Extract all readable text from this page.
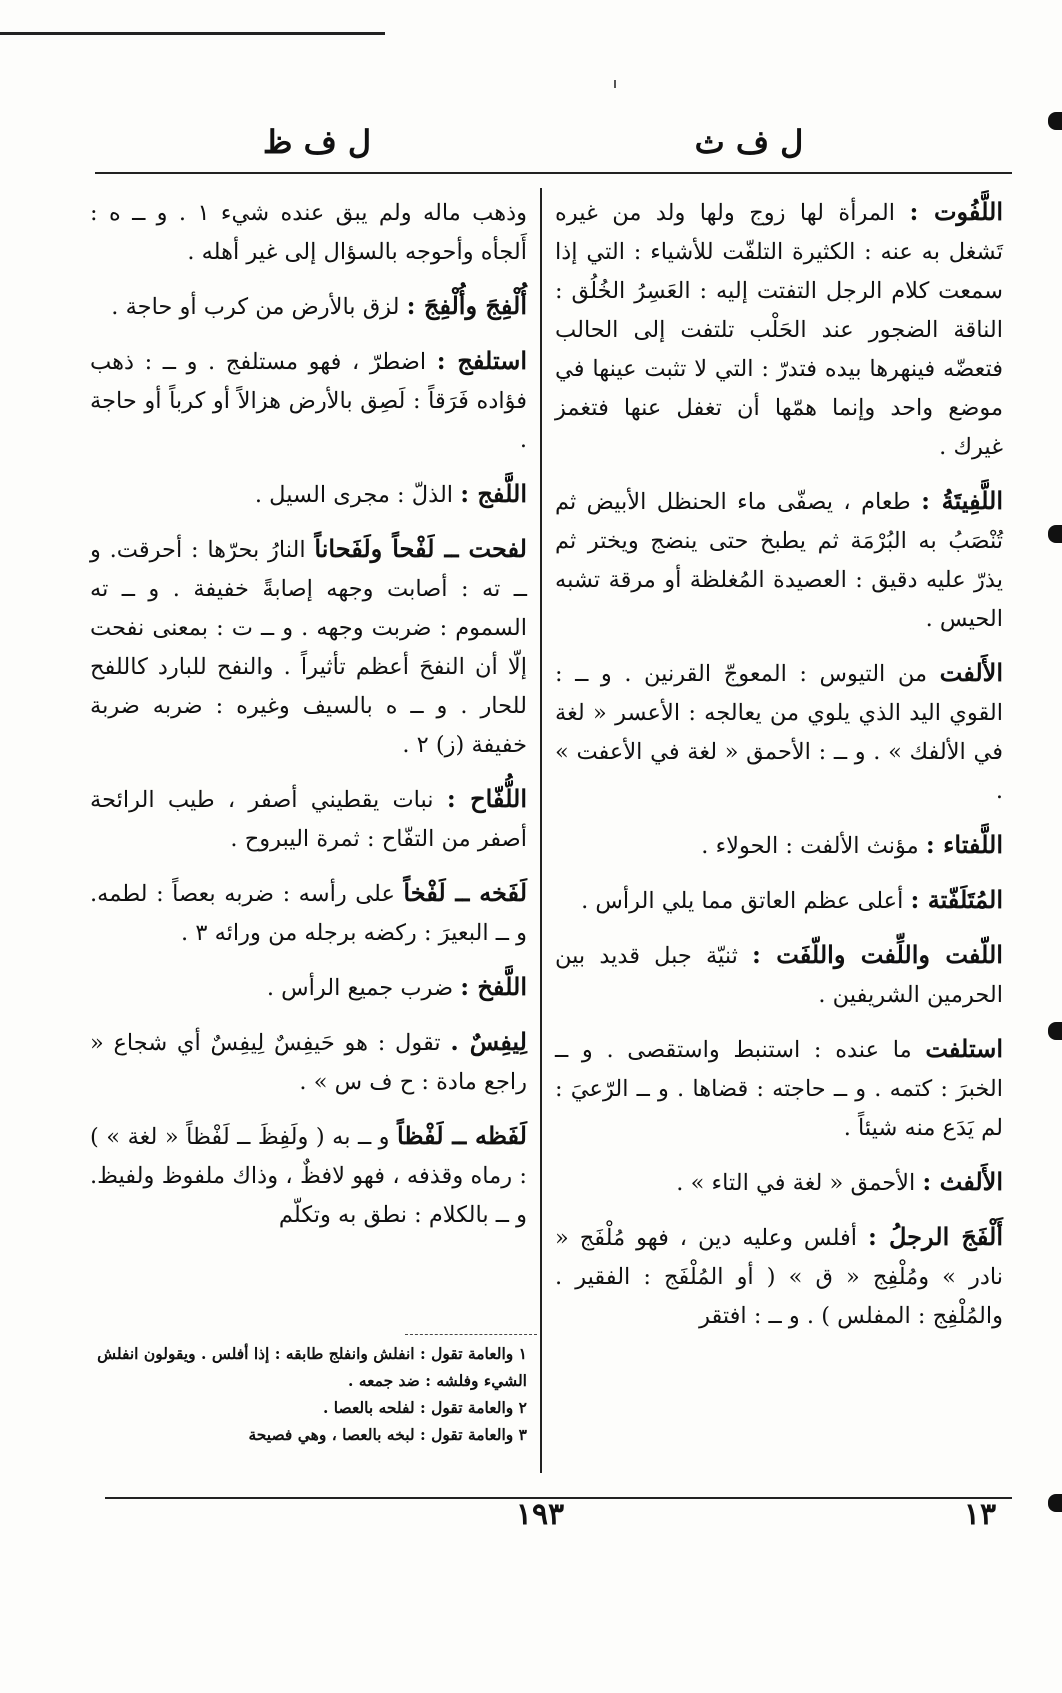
ل ف ث
ل ف ظ
اللَّفُوت : المرأة لها زوج ولها ولد من غيره تَشغل به عنه : الكثيرة التلفّت للأشياء : التي إذا سمعت كلام الرجل التفتت إليه : العَسِرُ الخُلُق : الناقة الضجور عند الحَلْب تلتفت إلى الحالب فتعضّه فينهرها بيده فتدرّ : التي لا تثبت عينها في موضع واحد وإنما همّها أن تغفل عنها فتغمز غيرك .
اللَّفِيتَةُ : طعام ، يصفّى ماء الحنظل الأبيض ثم تُنْصَبُ به البُرْمَة ثم يطبخ حتى ينضج ويختر ثم يذرّ عليه دقيق : العصيدة المُغلظة أو مرقة تشبه الحيس .
الأَلفت من التيوس : المعوجّ القرنين . و ــ : القوي اليد الذي يلوي من يعالجه : الأعسر « لغة في الألفك » . و ــ : الأحمق « لغة في الأعفت » .
اللَّفتاء : مؤنث الألفت : الحولاء .
المُتَلَفّتة : أعلى عظم العاتق مما يلي الرأس .
اللّفت واللِّفت واللّفَت : ثنيّة جبل قديد بين الحرمين الشريفين .
استلفت ما عنده : استنبط واستقصى . و ــ الخبرَ : كتمه . و ــ حاجته : قضاها . و ــ الرّعيَ : لم يَدَع منه شيئاً .
الأَلفث : الأحمق « لغة في التاء » .
أَلْفَجَ الرجلُ : أفلس وعليه دين ، فهو مُلْفَج « نادر » ومُلْفِج « ق » ( أو المُلْفَج : الفقير . والمُلْفِج : المفلس ) . و ــ : افتقر
وذهب ماله ولم يبق عنده شيء ١ . و ــ ه : أَلجأه وأحوجه بالسؤال إلى غير أهله .
أُلْفِجَ وأُلْفِجَ : لزق بالأرض من كرب أو حاجة .
استلفج : اضطرّ ، فهو مستلفج . و ــ : ذهب فؤاده فَرَقاً : لَصِق بالأرض هزالاً أو كرباً أو حاجة .
اللَّفج : الذلّ : مجرى السيل .
لفحت ــ لَفْحاً ولَفَحاناً النارُ بحرّها : أحرقت. و ــ ته : أصابت وجهه إصابةً خفيفة . و ــ ته السموم : ضربت وجهه . و ــ ت : بمعنى نفحت إلّا أن النفحَ أعظم تأثيراً . والنفح للبارد كاللفح للحار . و ــ ه بالسيف وغيره : ضربه ضربة خفيفة (ز) ٢ .
اللُّفّاح : نبات يقطيني أصفر ، طيب الرائحة أصفر من التفّاح : ثمرة اليبروح .
لَفَخه ــ لَفْخاً على رأسه : ضربه بعصاً : لطمه. و ــ البعيرَ : ركضه برجله من ورائه ٣ .
اللَّفخ : ضرب جميع الرأس .
لِيفِسٌ . تقول : هو حَيفِسٌ لِيفِسٌ أي شجاع « راجع مادة : ح ف س » .
لَفَظه ــ لَفْظاً و ــ به ( ولَفِظَ ــ لَفْظاً « لغة » ) : رماه وقذفه ، فهو لافظٌ ، وذاك ملفوظ ولفيظ. و ــ بالكلام : نطق به وتكلّم

١ والعامة تقول : انفلش وانفلج طابقه : إذا أفلس . ويقولون انفلش الشيء وفلشه : ضد جمعه .

٢ والعامة تقول : لفلحه بالعصا .

٣ والعامة تقول : لبخه بالعصا ، وهي فصيحة

١٩٣	١٣
